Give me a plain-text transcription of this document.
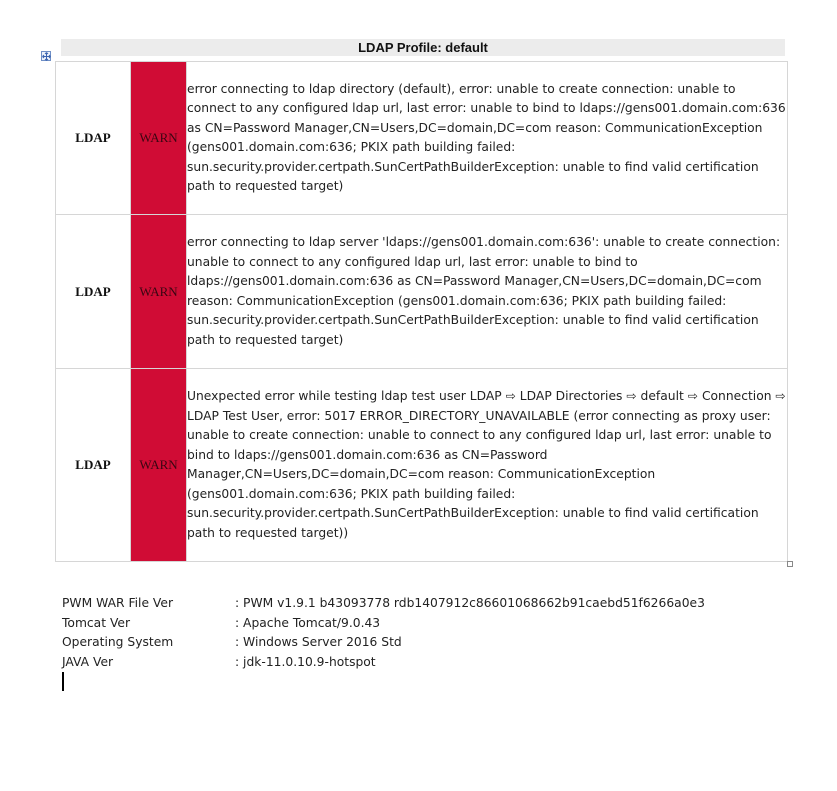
LDAP Profile: default
LDAP	WARN	error connecting to ldap directory (default), error: unable to create connection: unable to connect to any configured ldap url, last error: unable to bind to ldaps://gens001.domain.com:636 as CN=Password Manager,CN=Users,DC=domain,DC=com reason: CommunicationException (gens001.domain.com:636; PKIX path building failed: sun.security.provider.certpath.SunCertPathBuilderException: unable to find valid certification path to requested target)
LDAP	WARN	error connecting to ldap server 'ldaps://gens001.domain.com:636': unable to create connection: unable to connect to any configured ldap url, last error: unable to bind to ldaps://gens001.domain.com:636 as CN=Password Manager,CN=Users,DC=domain,DC=com reason: CommunicationException (gens001.domain.com:636; PKIX path building failed: sun.security.provider.certpath.SunCertPathBuilderException: unable to find valid certification path to requested target)
LDAP	WARN	Unexpected error while testing ldap test user LDAP ⇨ LDAP Directories ⇨ default ⇨ Connection ⇨ LDAP Test User, error: 5017 ERROR_DIRECTORY_UNAVAILABLE (error connecting as proxy user: unable to create connection: unable to connect to any configured ldap url, last error: unable to bind to ldaps://gens001.domain.com:636 as CN=Password Manager,CN=Users,DC=domain,DC=com reason: CommunicationException (gens001.domain.com:636; PKIX path building failed: sun.security.provider.certpath.SunCertPathBuilderException: unable to find valid certification path to requested target))
PWM WAR File Ver	: PWM v1.9.1 b43093778 rdb1407912c86601068662b91caebd51f6266a0e3
Tomcat Ver	: Apache Tomcat/9.0.43
Operating System	: Windows Server 2016 Std
JAVA Ver	: jdk-11.0.10.9-hotspot
